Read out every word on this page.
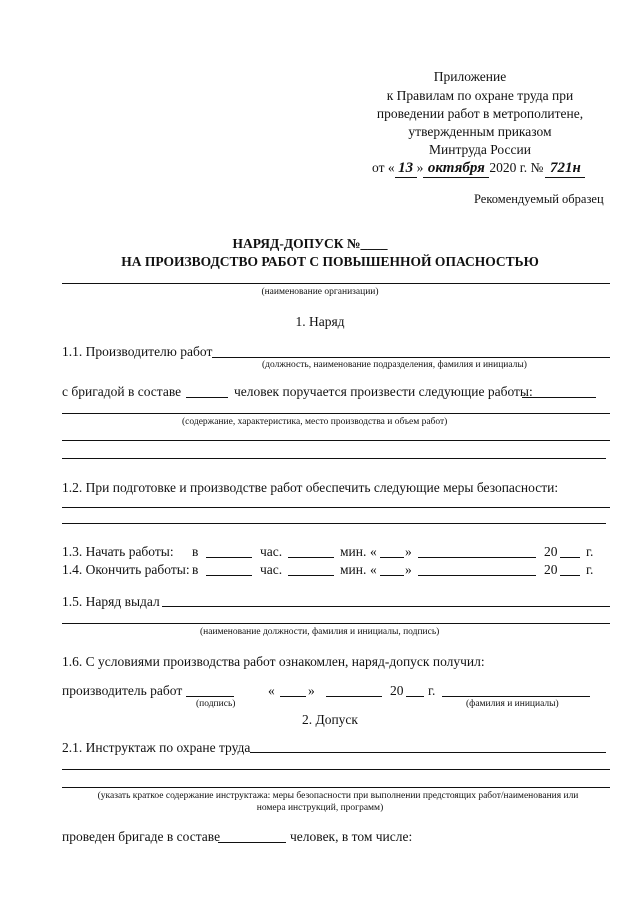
Приложение
к Правилам по охране труда при
проведении работ в метрополитене,
утвержденным приказом
Минтруда России
от « 13 » октября 2020 г. № 721н
Рекомендуемый образец
НАРЯД-ДОПУСК №____
НА ПРОИЗВОДСТВО РАБОТ С ПОВЫШЕННОЙ ОПАСНОСТЬЮ
(наименование организации)
1. Наряд
1.1. Производителю работ
(должность, наименование подразделения, фамилия и инициалы)
с бригадой в составе	человек поручается произвести следующие работы:
(содержание, характеристика, место производства и объем работ)
1.2. При подготовке и производстве работ обеспечить следующие меры безопасности:
1.3. Начать работы: в	час.	мин. « »	20 г.
1.4. Окончить работы: в	час.	мин. « »	20 г.
1.5. Наряд выдал
(наименование должности, фамилия и инициалы, подпись)
1.6. С условиями производства работ ознакомлен, наряд-допуск получил:
производитель работ
(подпись)
« »	20 г.
(фамилия и инициалы)
2. Допуск
2.1. Инструктаж по охране труда
(указать краткое содержание инструктажа: меры безопасности при выполнении предстоящих работ/наименования или
номера инструкций, программ)
проведен бригаде в составе	человек, в том числе:
